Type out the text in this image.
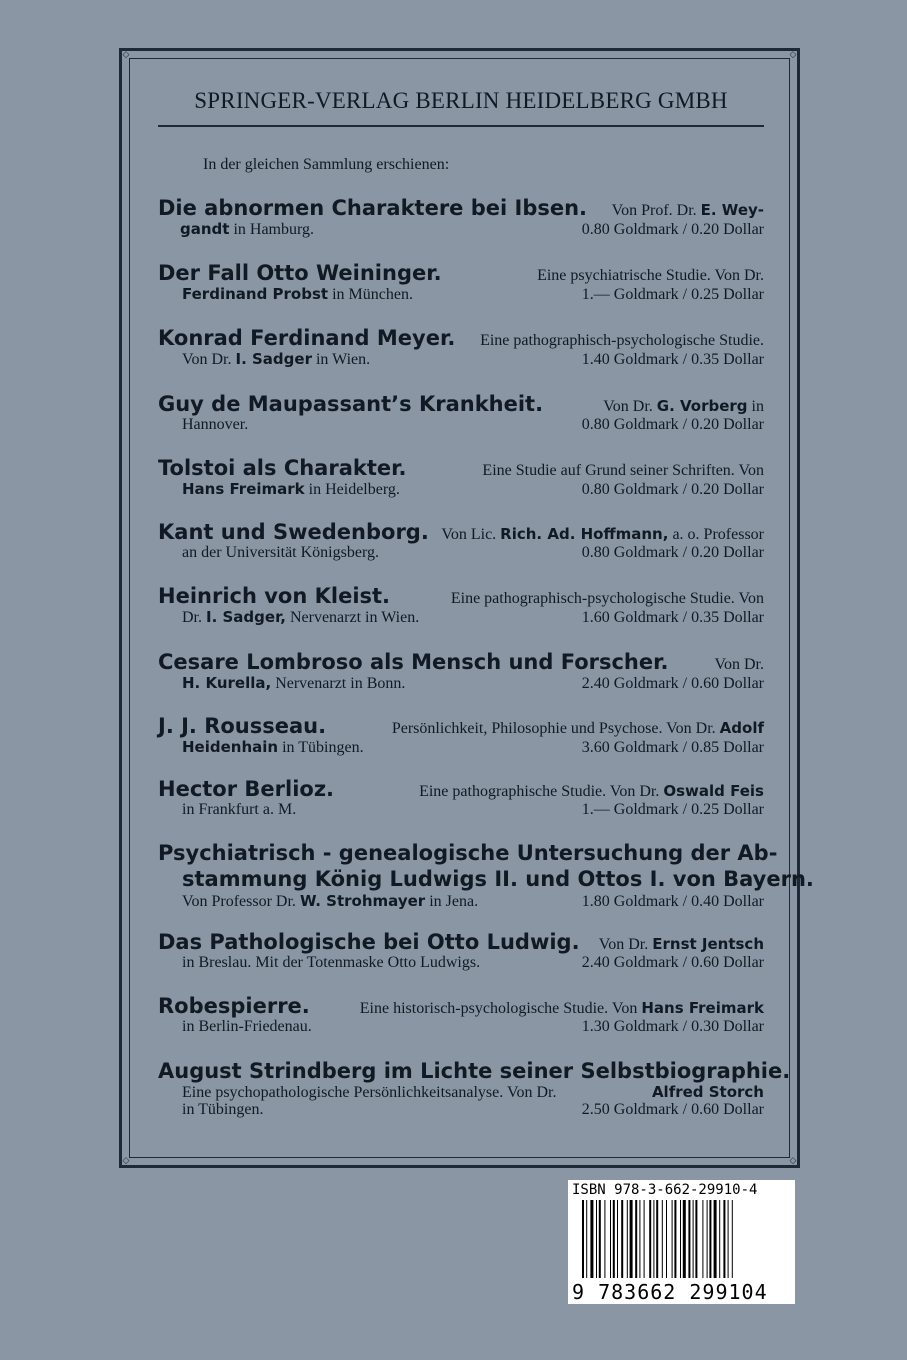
◇	◇
◇	◇
SPRINGER-VERLAG BERLIN HEIDELBERG GMBH
In der gleichen Sammlung erschienen:
Die abnormen Charaktere bei Ibsen. Von Prof. Dr. E. Wey-
gandt in Hamburg.	0.80 Goldmark / 0.20 Dollar
Der Fall Otto Weininger.	Eine psychiatrische Studie. Von Dr.
Ferdinand Probst in München.	1.— Goldmark / 0.25 Dollar
Konrad Ferdinand Meyer. Eine pathographisch-psychologische Studie.
Von Dr. I. Sadger in Wien.	1.40 Goldmark / 0.35 Dollar
Guy de Maupassant’s Krankheit.	Von Dr. G. Vorberg in
Hannover.	0.80 Goldmark / 0.20 Dollar
Tolstoi als Charakter.	Eine Studie auf Grund seiner Schriften. Von
Hans Freimark in Heidelberg.	0.80 Goldmark / 0.20 Dollar
Kant und Swedenborg. Von Lic. Rich. Ad. Hoffmann, a. o. Professor
an der Universität Königsberg.	0.80 Goldmark / 0.20 Dollar
Heinrich von Kleist.	Eine pathographisch-psychologische Studie. Von
Dr. I. Sadger, Nervenarzt in Wien.	1.60 Goldmark / 0.35 Dollar
Cesare Lombroso als Mensch und Forscher.	Von Dr.
H. Kurella, Nervenarzt in Bonn.	2.40 Goldmark / 0.60 Dollar
J. J. Rousseau.	Persönlichkeit, Philosophie und Psychose. Von Dr. Adolf
Heidenhain in Tübingen.	3.60 Goldmark / 0.85 Dollar
Hector Berlioz.	Eine pathographische Studie. Von Dr. Oswald Feis
in Frankfurt a. M.	1.— Goldmark / 0.25 Dollar
Psychiatrisch - genealogische Untersuchung der Ab-
stammung König Ludwigs II. und Ottos I. von Bayern.
Von Professor Dr. W. Strohmayer in Jena.	1.80 Goldmark / 0.40 Dollar
Das Pathologische bei Otto Ludwig. Von Dr. Ernst Jentsch
in Breslau. Mit der Totenmaske Otto Ludwigs.	2.40 Goldmark / 0.60 Dollar
Robespierre.	Eine historisch-psychologische Studie. Von Hans Freimark
in Berlin-Friedenau.	1.30 Goldmark / 0.30 Dollar
August Strindberg im Lichte seiner Selbstbiographie.
Eine psychopathologische Persönlichkeitsanalyse. Von Dr.	Alfred Storch
in Tübingen.	2.50 Goldmark / 0.60 Dollar
ISBN 978-3-662-29910-4
9 783662 299104
